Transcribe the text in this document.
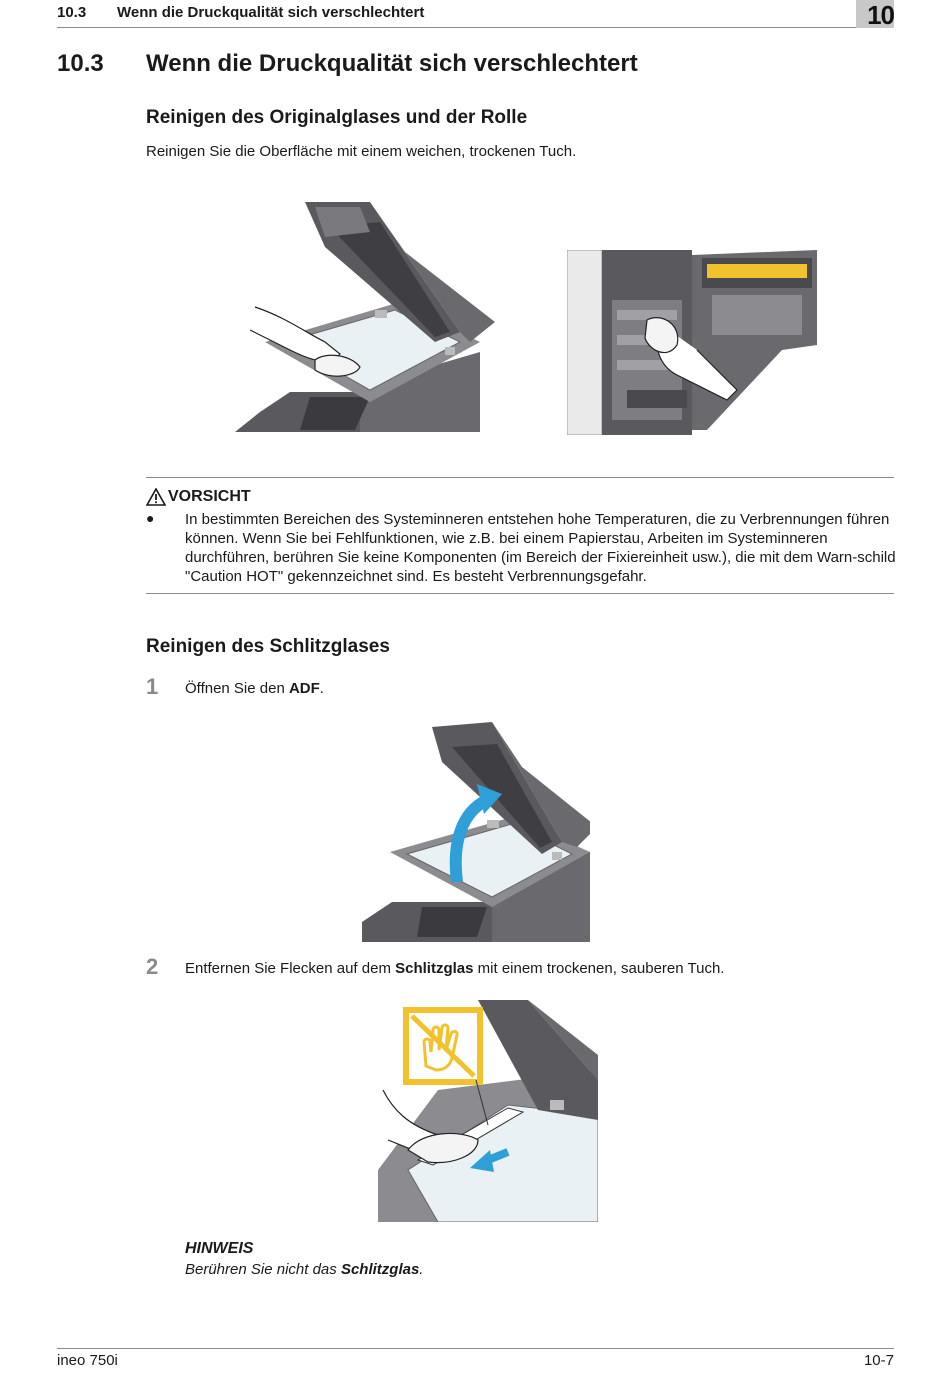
10.3 Wenn die Druckqualität sich verschlechtert	10
10.3 Wenn die Druckqualität sich verschlechtert
Reinigen des Originalglases und der Rolle
Reinigen Sie die Oberfläche mit einem weichen, trockenen Tuch.
VORSICHT
● In bestimmten Bereichen des Systeminneren entstehen hohe Temperaturen, die zu Verbrennungen führen können. Wenn Sie bei Fehlfunktionen, wie z.B. bei einem Papierstau, Arbeiten im Systeminneren durchführen, berühren Sie keine Komponenten (im Bereich der Fixiereinheit usw.), die mit dem Warn-schild "Caution HOT" gekennzeichnet sind. Es besteht Verbrennungsgefahr.
Reinigen des Schlitzglases
1 Öffnen Sie den ADF.
2 Entfernen Sie Flecken auf dem Schlitzglas mit einem trockenen, sauberen Tuch.
HINWEIS
Berühren Sie nicht das Schlitzglas.
ineo 750i	10-7
